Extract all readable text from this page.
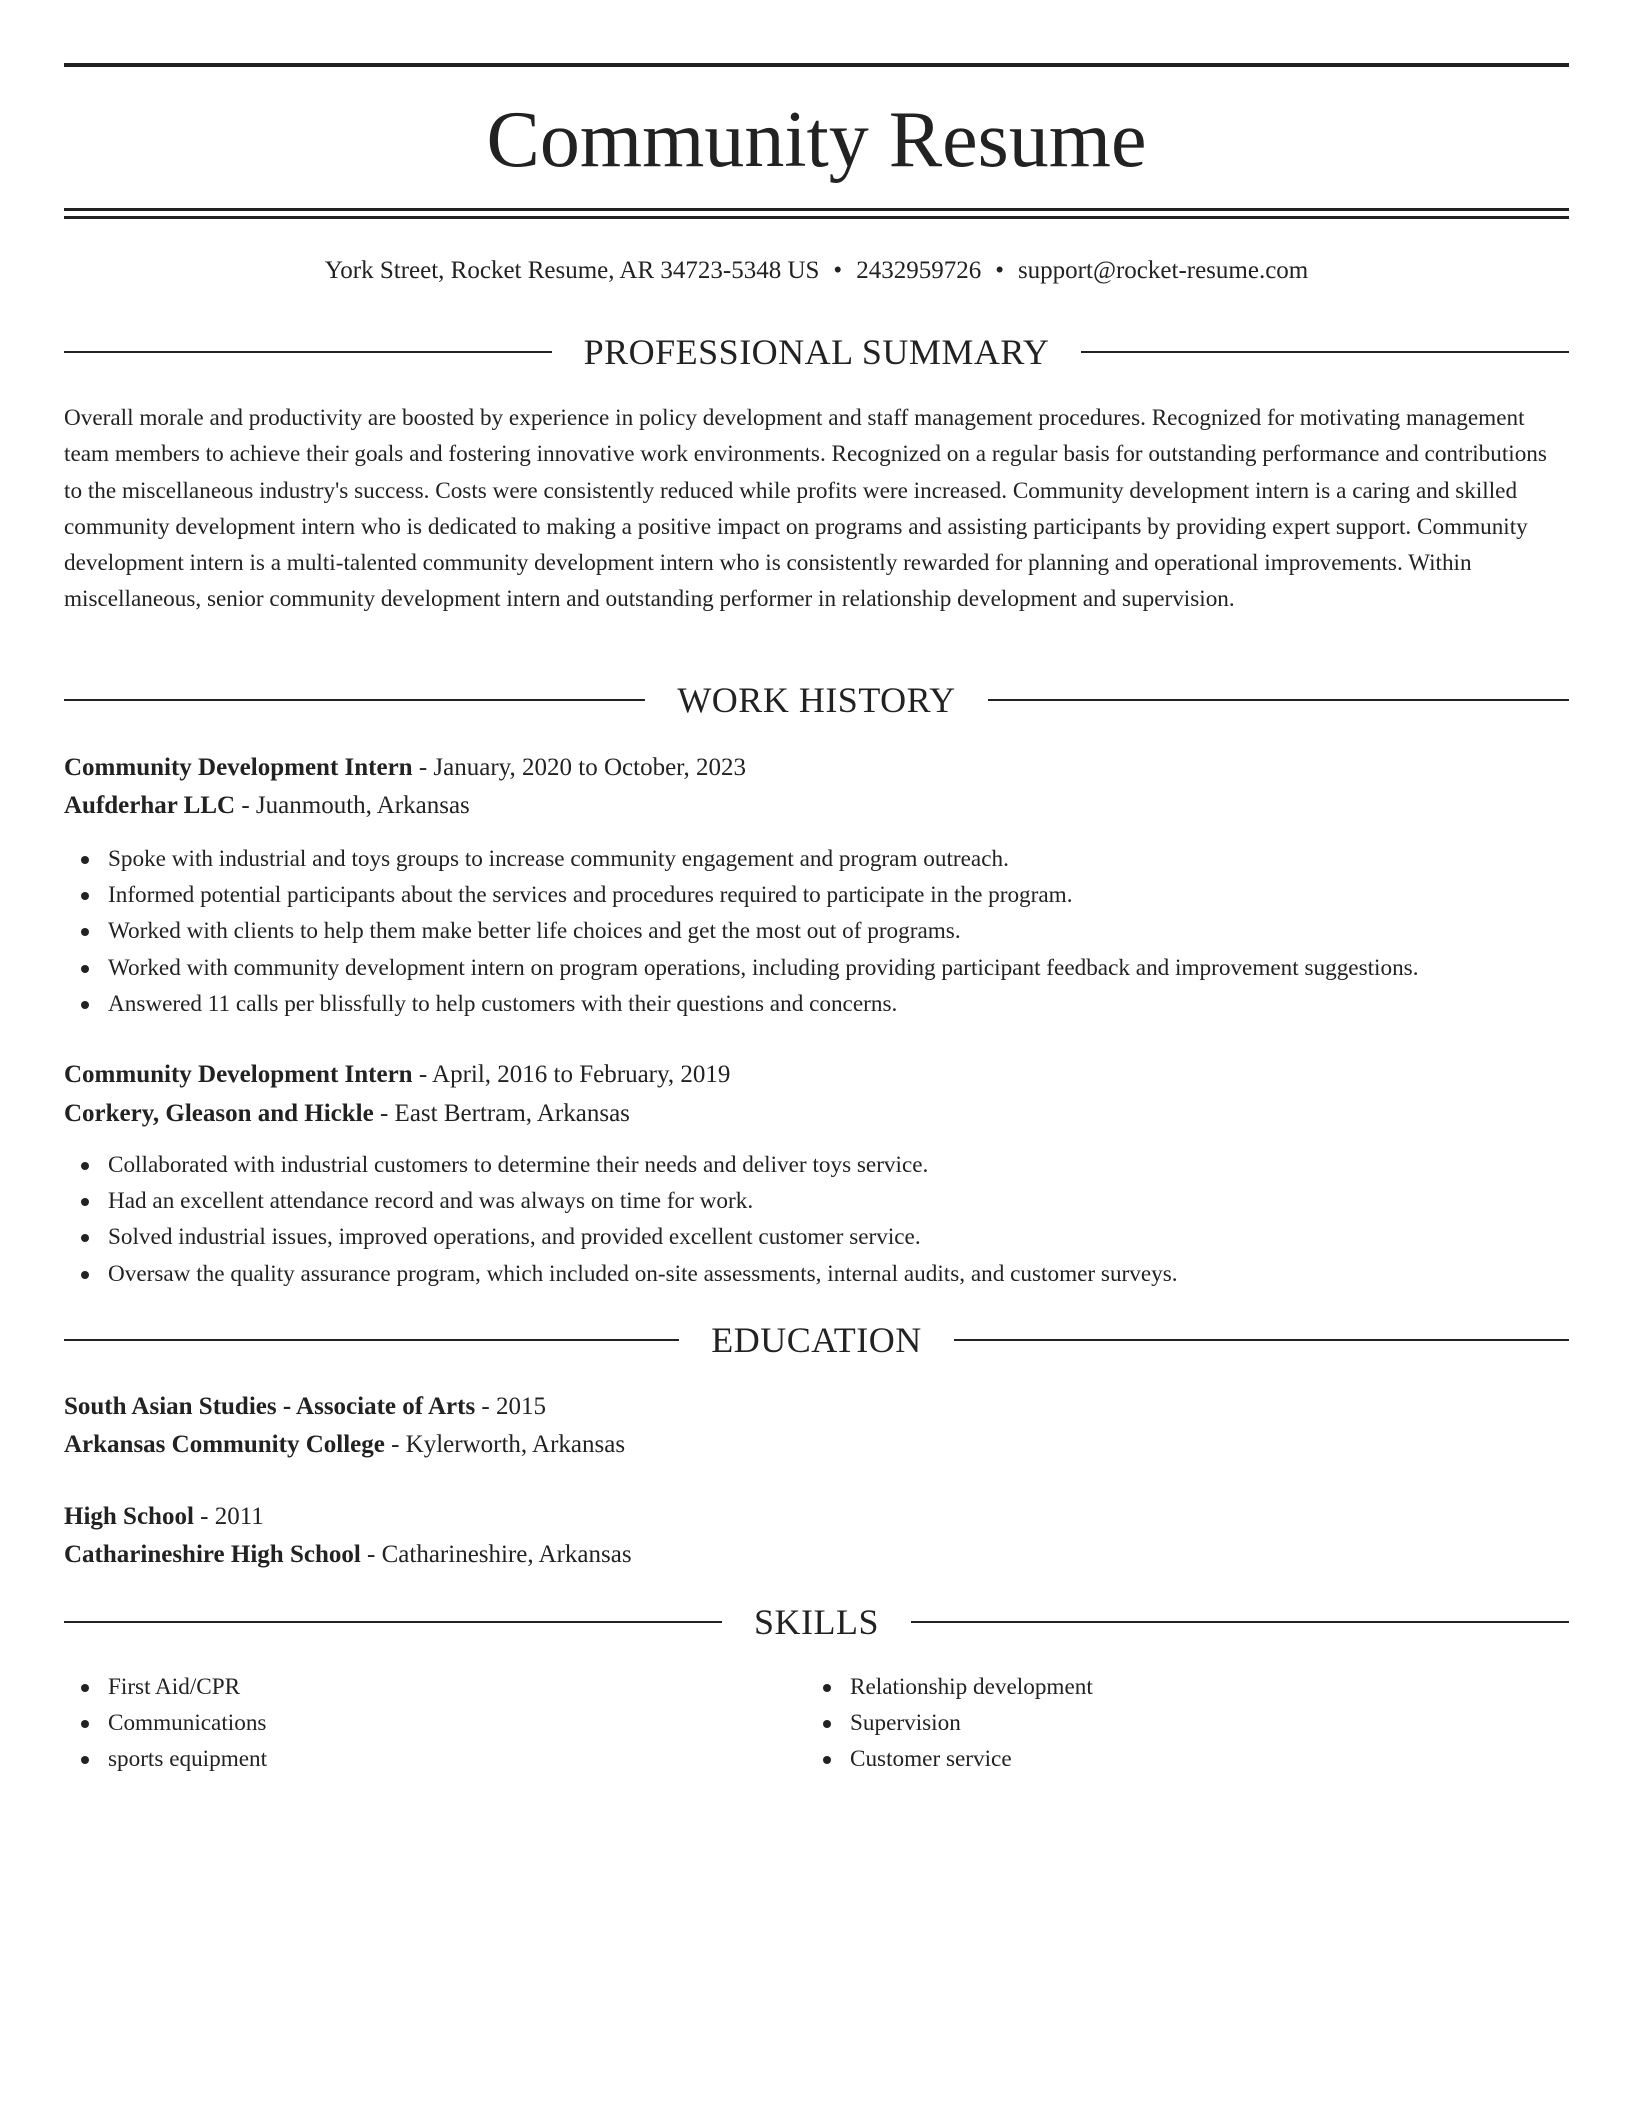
Community Resume
York Street, Rocket Resume, AR 34723-5348 US • 2432959726 • support@rocket-resume.com
PROFESSIONAL SUMMARY

Overall morale and productivity are boosted by experience in policy development and staff management procedures. Recognized for motivating management team members to achieve their goals and fostering innovative work environments. Recognized on a regular basis for outstanding performance and contributions to the miscellaneous industry's success. Costs were consistently reduced while profits were increased. Community development intern is a caring and skilled community development intern who is dedicated to making a positive impact on programs and assisting participants by providing expert support. Community development intern is a multi-talented community development intern who is consistently rewarded for planning and operational improvements. Within miscellaneous, senior community development intern and outstanding performer in relationship development and supervision.

WORK HISTORY
Community Development Intern - January, 2020 to October, 2023
Aufderhar LLC - Juanmouth, Arkansas
Spoke with industrial and toys groups to increase community engagement and program outreach.
Informed potential participants about the services and procedures required to participate in the program.
Worked with clients to help them make better life choices and get the most out of programs.
Worked with community development intern on program operations, including providing participant feedback and improvement suggestions.
Answered 11 calls per blissfully to help customers with their questions and concerns.
Community Development Intern - April, 2016 to February, 2019
Corkery, Gleason and Hickle - East Bertram, Arkansas
Collaborated with industrial customers to determine their needs and deliver toys service.
Had an excellent attendance record and was always on time for work.
Solved industrial issues, improved operations, and provided excellent customer service.
Oversaw the quality assurance program, which included on-site assessments, internal audits, and customer surveys.
EDUCATION
South Asian Studies - Associate of Arts - 2015
Arkansas Community College - Kylerworth, Arkansas
High School - 2011
Catharineshire High School - Catharineshire, Arkansas
SKILLS
First Aid/CPR
Communications
sports equipment
Relationship development
Supervision
Customer service
